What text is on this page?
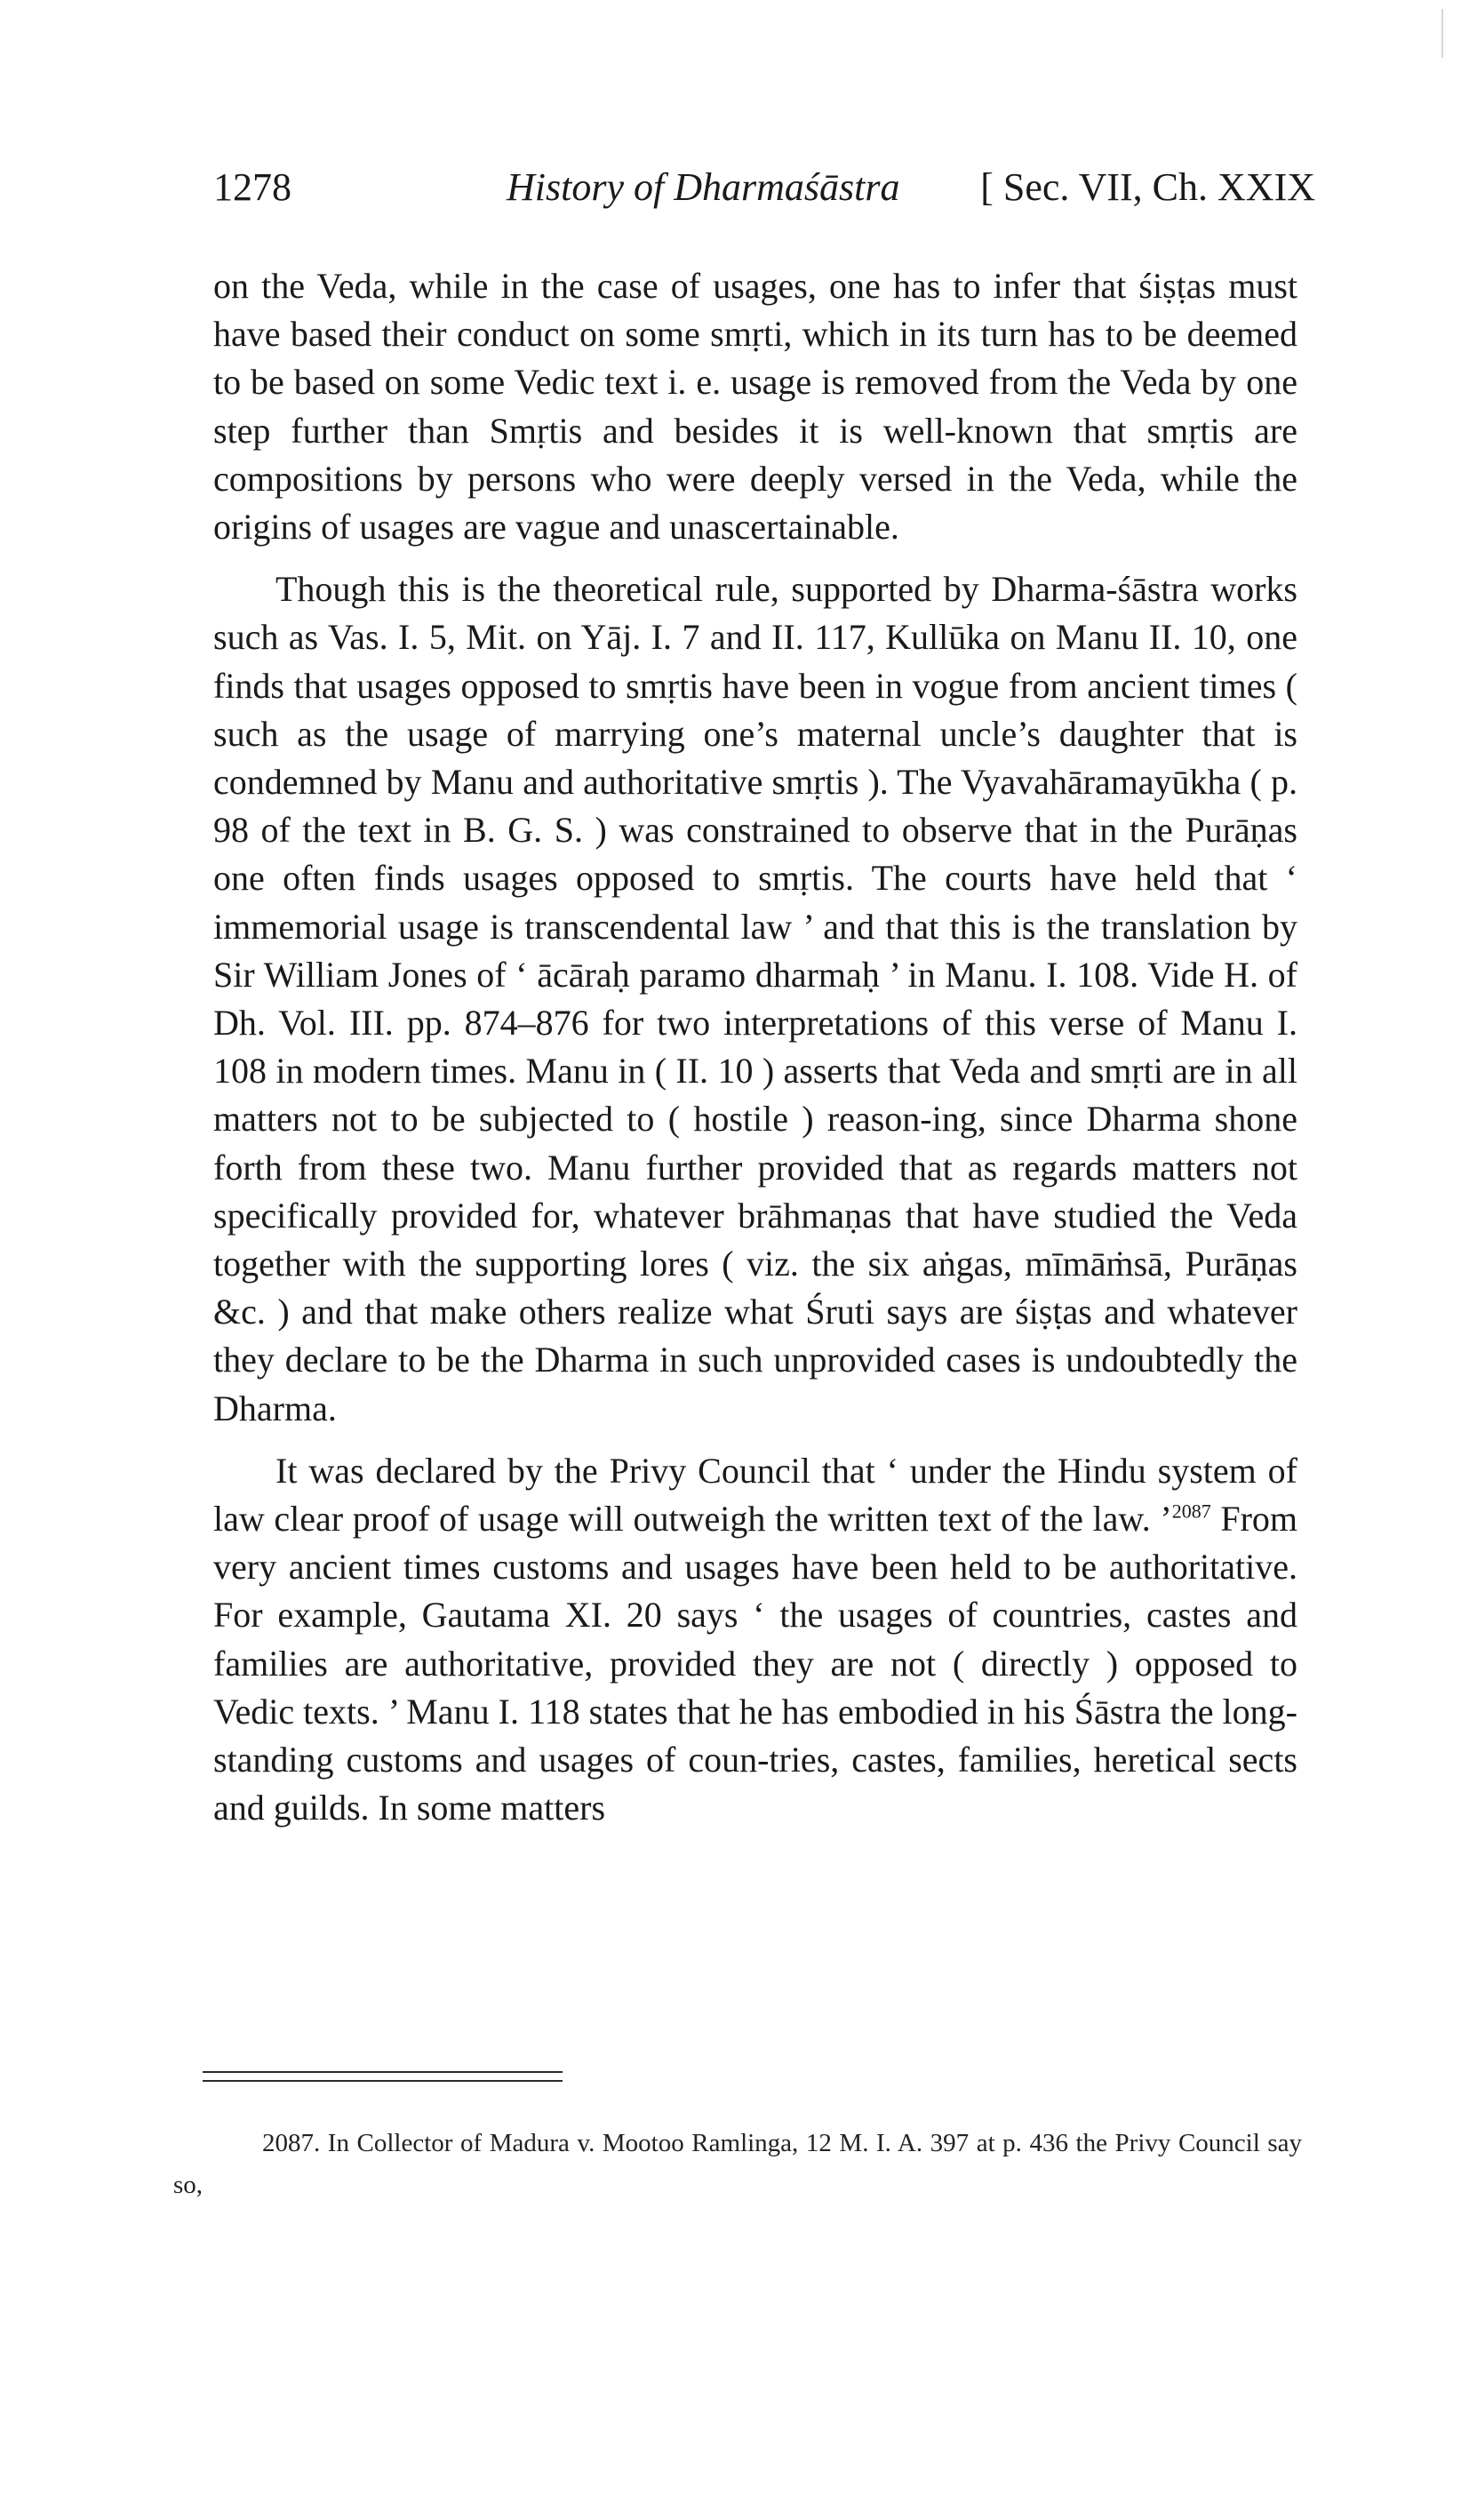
1278	History of Dharmaśāstra [ Sec. VII, Ch. XXIX

on the Veda, while in the case of usages, one has to infer that śiṣṭas must have based their conduct on some smṛti, which in its turn has to be deemed to be based on some Vedic text i. e. usage is removed from the Veda by one step further than Smṛtis and besides it is well-known that smṛtis are compositions by persons who were deeply versed in the Veda, while the origins of usages are vague and unascertainable.

Though this is the theoretical rule, supported by Dharma-śāstra works such as Vas. I. 5, Mit. on Yāj. I. 7 and II. 117, Kullūka on Manu II. 10, one finds that usages opposed to smṛtis have been in vogue from ancient times ( such as the usage of marrying one’s maternal uncle’s daughter that is condemned by Manu and authoritative smṛtis ). The Vyavahāramayūkha ( p. 98 of the text in B. G. S. ) was constrained to observe that in the Purāṇas one often finds usages opposed to smṛtis. The courts have held that ‘ immemorial usage is transcendental law ’ and that this is the translation by Sir William Jones of ‘ ācāraḥ paramo dharmaḥ ’ in Manu. I. 108. Vide H. of Dh. Vol. III. pp. 874–876 for two interpretations of this verse of Manu I. 108 in modern times. Manu in ( II. 10 ) asserts that Veda and smṛti are in all matters not to be subjected to ( hostile ) reason-ing, since Dharma shone forth from these two. Manu further provided that as regards matters not specifically provided for, whatever brāhmaṇas that have studied the Veda together with the supporting lores ( viz. the six aṅgas, mīmāṁsā, Purāṇas &c. ) and that make others realize what Śruti says are śiṣṭas and whatever they declare to be the Dharma in such unprovided cases is undoubtedly the Dharma.

It was declared by the Privy Council that ‘ under the Hindu system of law clear proof of usage will outweigh the written text of the law. ’$^{2087}$ From very ancient times customs and usages have been held to be authoritative. For example, Gautama XI. 20 says ‘ the usages of countries, castes and families are authoritative, provided they are not ( directly ) opposed to Vedic texts. ’ Manu I. 118 states that he has embodied in his Śāstra the long-standing customs and usages of coun-tries, castes, families, heretical sects and guilds. In some matters

2087. In Collector of Madura v. Mootoo Ramlinga, 12 M. I. A. 397 at p. 436 the Privy Council say so,
